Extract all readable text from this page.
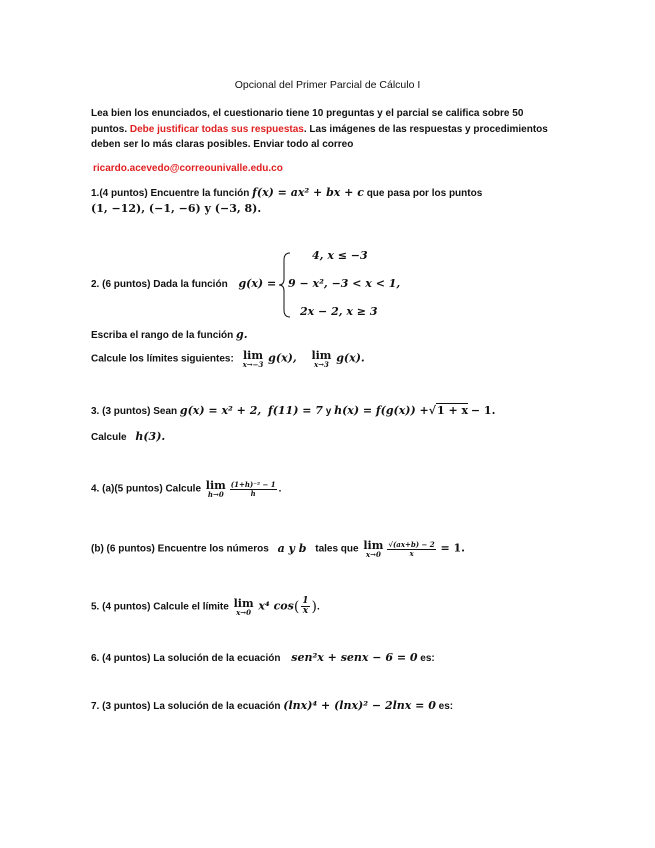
Opcional del Primer Parcial de Cálculo I
Lea bien los enunciados, el cuestionario tiene 10 preguntas y el parcial se califica sobre 50
puntos. Debe justificar todas sus respuestas. Las imágenes de las respuestas y procedimientos
deben ser lo más claras posibles. Enviar todo al correo
ricardo.acevedo@correounivalle.edu.co
1.(4 puntos) Encuentre la función f(x) = ax² + bx + c que pasa por los puntos
(1, −12), (−1, −6) y (−3, 8).
2. (6 puntos) Dada la función g(x) =
4, x ≤ −3
9 − x², −3 < x < 1,
2x − 2, x ≥ 3
Escriba el rango de la función g.
Calcule los límites siguientes: lim
x→−3 g(x), lim
x→3 g(x).
3. (3 puntos) Sean g(x) = x² + 2, f(11) = 7 y h(x) = f(g(x)) +√1 + x − 1.
Calcule h(3).
4. (a)(5 puntos) Calcule lim
$h\to 0 \frac{\text{(1+h)⁻² − 1}}{h}$ .
(b) (6 puntos) Encuentre los números a y b tales que lim
$x\to 0 \frac{√(ax+b) - 2}{x} = 1$.
5. (4 puntos) Calcule el límite lim
x→0 x⁴ $\cos( \frac{1}{x}$ ).
6. (4 puntos) La solución de la ecuación sen²x + senx − 6 = 0 es:
7. (3 puntos) La solución de la ecuación (lnx)⁴ + (lnx)² − 2lnx = 0 es:
